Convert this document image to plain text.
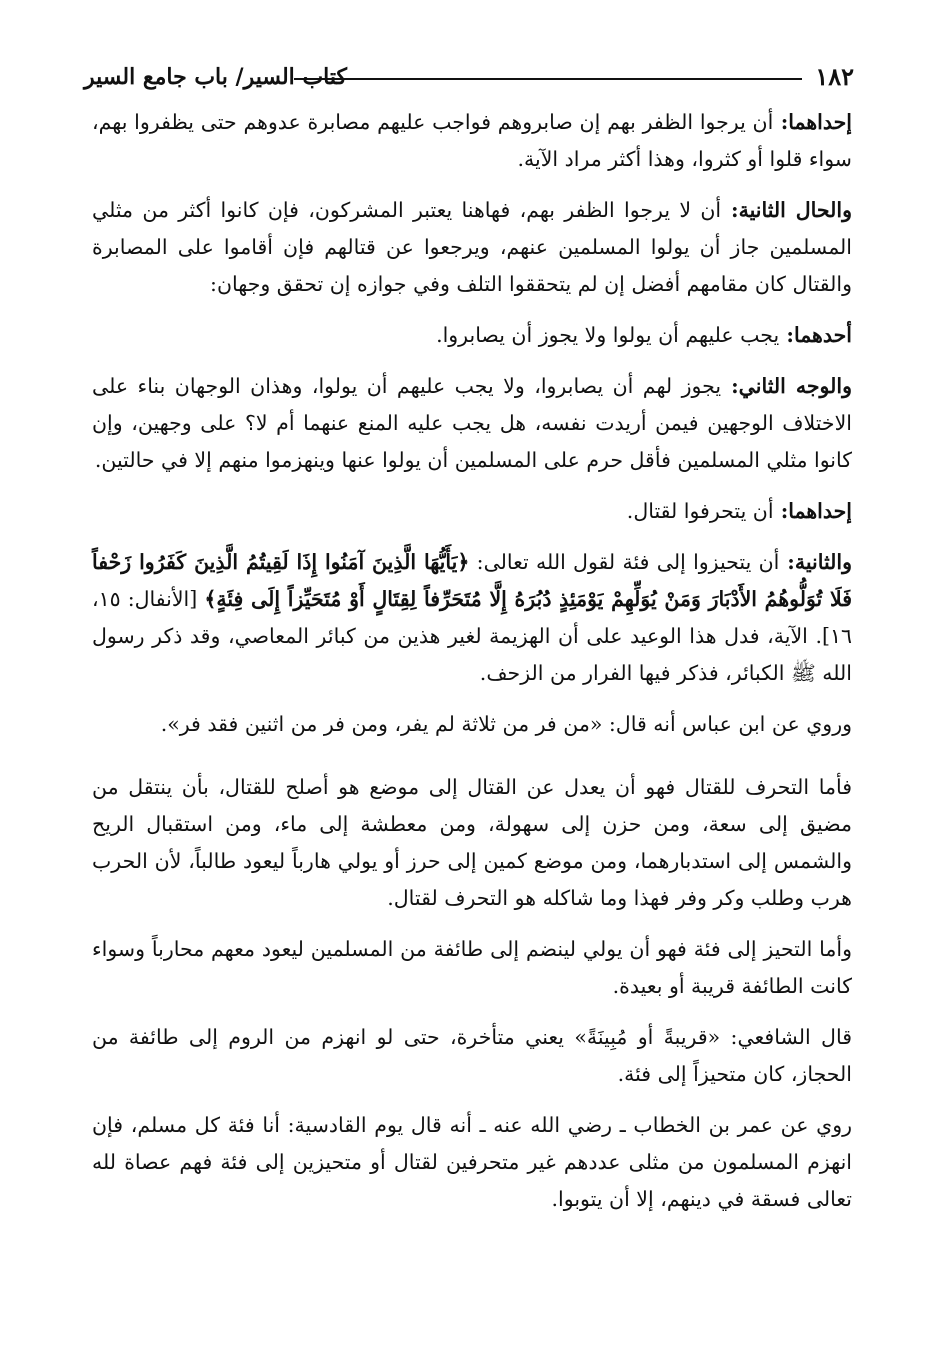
١٨٢
كتاب السير/ باب جامع السير

إحداهما: أن يرجوا الظفر بهم إن صابروهم فواجب عليهم مصابرة عدوهم حتى يظفروا بهم، سواء قلوا أو كثروا، وهذا أكثر مراد الآية.

والحال الثانية: أن لا يرجوا الظفر بهم، فهاهنا يعتبر المشركون، فإن كانوا أكثر من مثلي المسلمين جاز أن يولوا المسلمين عنهم، ويرجعوا عن قتالهم فإن أقاموا على المصابرة والقتال كان مقامهم أفضل إن لم يتحققوا التلف وفي جوازه إن تحقق وجهان:

أحدهما: يجب عليهم أن يولوا ولا يجوز أن يصابروا.

والوجه الثاني: يجوز لهم أن يصابروا، ولا يجب عليهم أن يولوا، وهذان الوجهان بناء على الاختلاف الوجهين فيمن أريدت نفسه، هل يجب عليه المنع عنهما أم لا؟ على وجهين، وإن كانوا مثلي المسلمين فأقل حرم على المسلمين أن يولوا عنها وينهزموا منهم إلا في حالتين.

إحداهما: أن يتحرفوا لقتال.

والثانية: أن يتحيزوا إلى فئة لقول الله تعالى: ﴿يَأَيُّهَا الَّذِينَ آمَنُوا إِذَا لَقِيتُمُ الَّذِينَ كَفَرُوا زَحْفاً فَلَا تُوَلُّوهُمُ الأَدْبَارَ وَمَنْ يُوَلِّهِمْ يَوْمَئِذٍ دُبُرَهُ إِلَّا مُتَحَرِّفاً لِقِتَالٍ أَوْ مُتَحَيِّزاً إِلَى فِئَةٍ﴾ [الأنفال: ١٥، ١٦]. الآية، فدل هذا الوعيد على أن الهزيمة لغير هذين من كبائر المعاصي، وقد ذكر رسول الله ﷺ الكبائر، فذكر فيها الفرار من الزحف.

وروي عن ابن عباس أنه قال: «من فر من ثلاثة لم يفر، ومن فر من اثنين فقد فر».

فأما التحرف للقتال فهو أن يعدل عن القتال إلى موضع هو أصلح للقتال، بأن ينتقل من مضيق إلى سعة، ومن حزن إلى سهولة، ومن معطشة إلى ماء، ومن استقبال الريح والشمس إلى استدبارهما، ومن موضع كمين إلى حرز أو يولي هارباً ليعود طالباً، لأن الحرب هرب وطلب وكر وفر فهذا وما شاكله هو التحرف لقتال.

وأما التحيز إلى فئة فهو أن يولي لينضم إلى طائفة من المسلمين ليعود معهم محارباً وسواء كانت الطائفة قريبة أو بعيدة.

قال الشافعي: «قريبةً أو مُبِينَةً» يعني متأخرة، حتى لو انهزم من الروم إلى طائفة من الحجاز، كان متحيزاً إلى فئة.

روي عن عمر بن الخطاب ـ رضي الله عنه ـ أنه قال يوم القادسية: أنا فئة كل مسلم، فإن انهزم المسلمون من مثلى عددهم غير متحرفين لقتال أو متحيزين إلى فئة فهم عصاة لله تعالى فسقة في دينهم، إلا أن يتوبوا.
